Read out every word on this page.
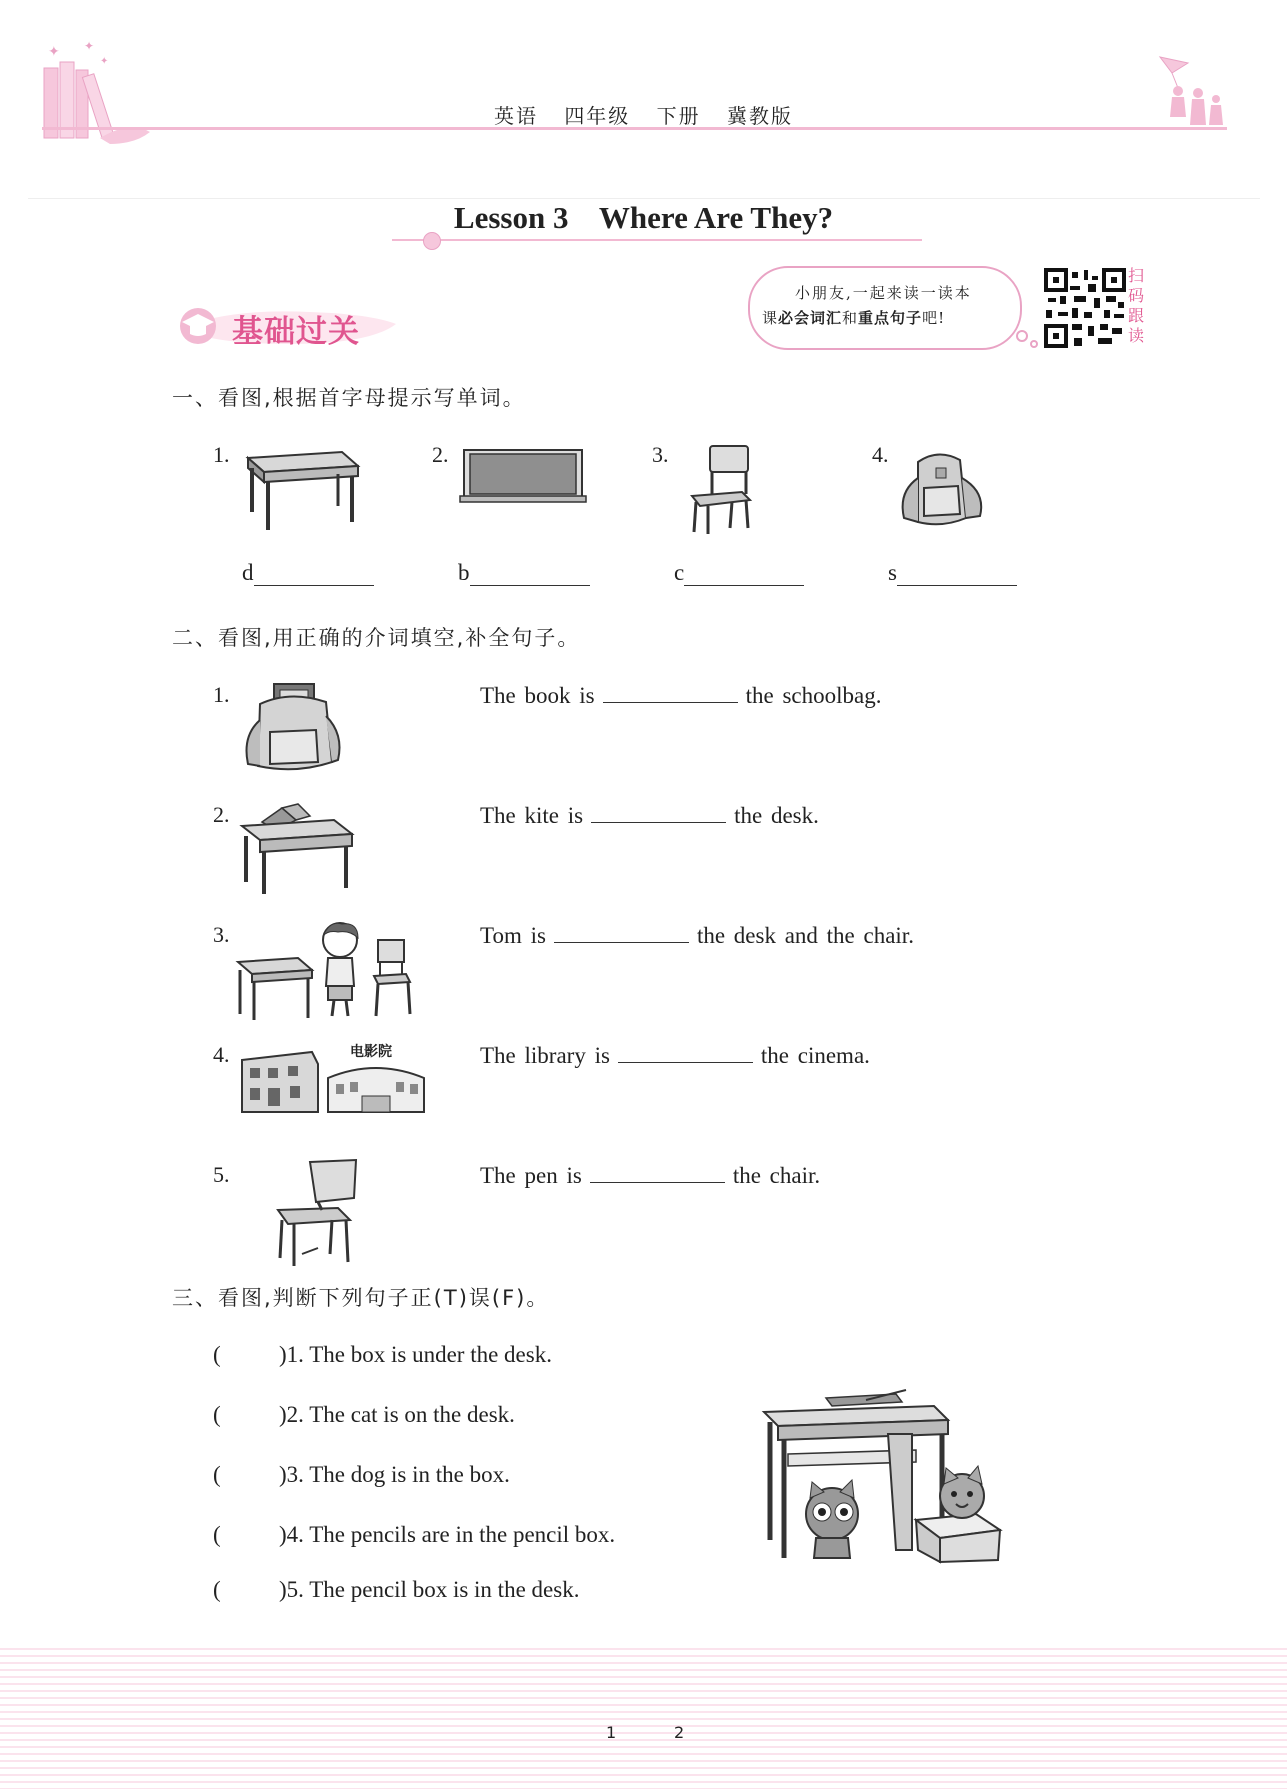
✦ ✦
✦
英语 四年级 下册 冀教版
Lesson 3    Where Are They?
基础过关
小朋友,一起来读一读本
课必会词汇和重点句子吧!
扫码跟读
一、看图,根据首字母提示写单词。
1.
d
2.
b
3.
c
4.
s
二、看图,用正确的介词填空,补全句子。
1.	The book is	the schoolbag.
2.	The kite is	the desk.
3.	Tom is	the desk and the chair.
4.	电影院	The library is	the cinema.
5.	The pen is	the chair.
三、看图,判断下列句子正(T)误(F)。
(	)1. The box is under the desk.
(	)2. The cat is on the desk.
(	)3. The dog is in the box.
(	)4. The pencils are in the pencil box.
(	)5. The pencil box is in the desk.
1	2
